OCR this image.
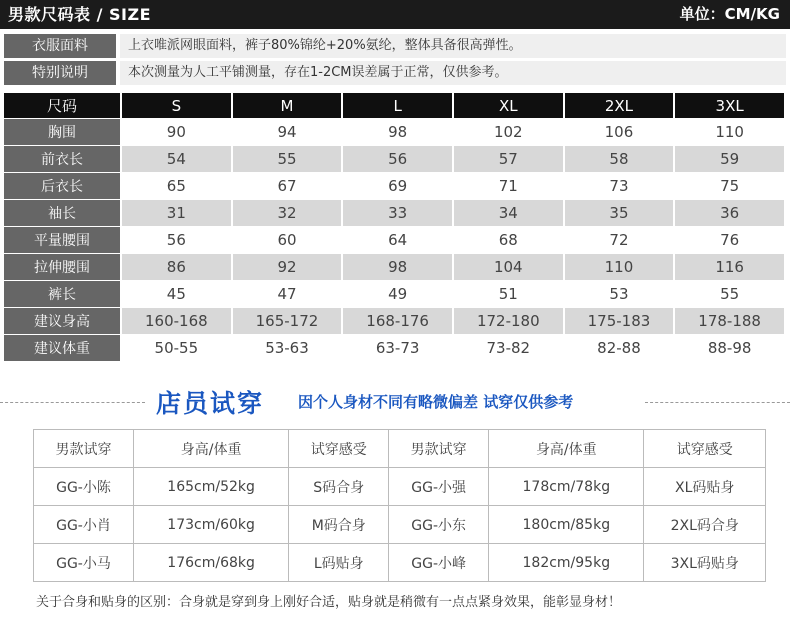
男款尺码表 / SIZE	单位：CM/KG
衣服面料	上衣唯派网眼面料，裤子80%锦纶+20%氨纶，整体具备很高弹性。
特别说明	本次测量为人工平铺测量，存在1-2CM误差属于正常，仅供参考。
尺码	S	M	L	XL	2XL	3XL
胸围	90	94	98	102	106	110
前衣长	54	55	56	57	58	59
后衣长	65	67	69	71	73	75
袖长	31	32	33	34	35	36
平量腰围	56	60	64	68	72	76
拉伸腰围	86	92	98	104	110	116
裤长	45	47	49	51	53	55
建议身高	160-168	165-172	168-176	172-180	175-183	178-188
建议体重	50-55	53-63	63-73	73-82	82-88	88-98
店员试穿 因个人身材不同有略微偏差 试穿仅供参考
男款试穿	身高/体重	试穿感受	男款试穿	身高/体重	试穿感受
GG-小陈	165cm/52kg	S码合身	GG-小强	178cm/78kg	XL码贴身
GG-小肖	173cm/60kg	M码合身	GG-小东	180cm/85kg	2XL码合身
GG-小马	176cm/68kg	L码贴身	GG-小峰	182cm/95kg	3XL码贴身
关于合身和贴身的区别：合身就是穿到身上刚好合适，贴身就是稍微有一点点紧身效果，能彰显身材！
